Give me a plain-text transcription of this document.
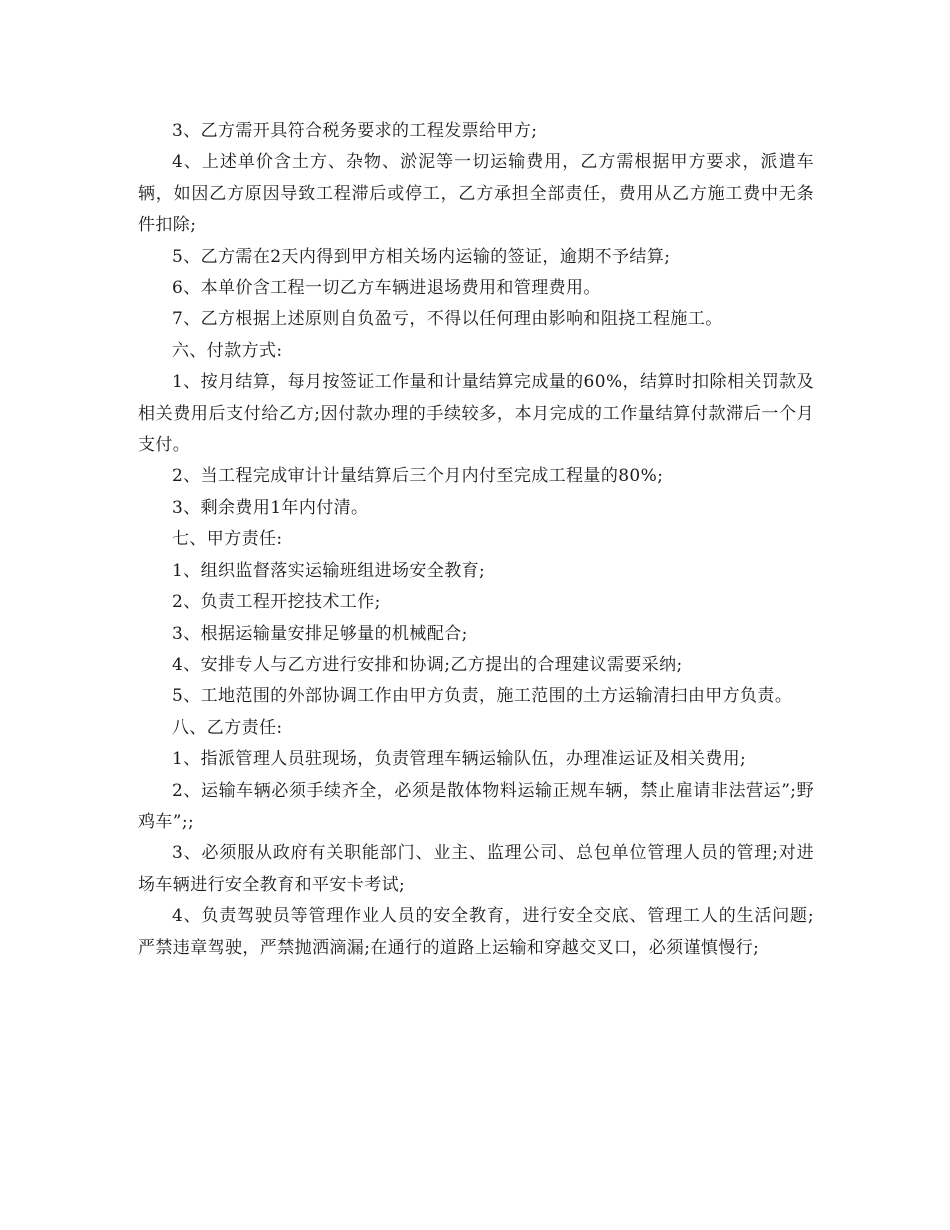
3、乙方需开具符合税务要求的工程发票给甲方;

4、上述单价含土方、杂物、淤泥等一切运输费用，乙方需根据甲方要求，派遣车辆，如因乙方原因导致工程滞后或停工，乙方承担全部责任，费用从乙方施工费中无条件扣除;

5、乙方需在2天内得到甲方相关场内运输的签证，逾期不予结算;

6、本单价含工程一切乙方车辆进退场费用和管理费用。

7、乙方根据上述原则自负盈亏，不得以任何理由影响和阻挠工程施工。

六、付款方式:

1、按月结算，每月按签证工作量和计量结算完成量的60%，结算时扣除相关罚款及相关费用后支付给乙方;因付款办理的手续较多，本月完成的工作量结算付款滞后一个月支付。

2、当工程完成审计计量结算后三个月内付至完成工程量的80%;

3、剩余费用1年内付清。

七、甲方责任:

1、组织监督落实运输班组进场安全教育;

2、负责工程开挖技术工作;

3、根据运输量安排足够量的机械配合;

4、安排专人与乙方进行安排和协调;乙方提出的合理建议需要采纳;

5、工地范围的外部协调工作由甲方负责，施工范围的土方运输清扫由甲方负责。

八、乙方责任:

1、指派管理人员驻现场，负责管理车辆运输队伍，办理准运证及相关费用;

2、运输车辆必须手续齐全，必须是散体物料运输正规车辆，禁止雇请非法营运”;野鸡车”;;

3、必须服从政府有关职能部门、业主、监理公司、总包单位管理人员的管理;对进场车辆进行安全教育和平安卡考试;

4、负责驾驶员等管理作业人员的安全教育，进行安全交底、管理工人的生活问题;严禁违章驾驶，严禁抛洒滴漏;在通行的道路上运输和穿越交叉口，必须谨慎慢行;
